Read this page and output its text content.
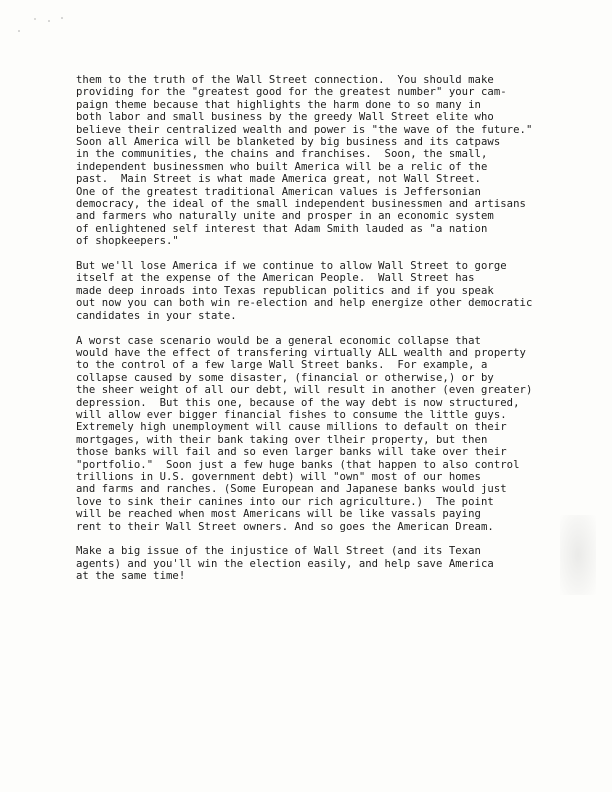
them to the truth of the Wall Street connection.  You should make
providing for the "greatest good for the greatest number" your cam-
paign theme because that highlights the harm done to so many in
both labor and small business by the greedy Wall Street elite who
believe their centralized wealth and power is "the wave of the future."
Soon all America will be blanketed by big business and its catpaws
in the communities, the chains and franchises.  Soon, the small,
independent businessmen who built America will be a relic of the
past.  Main Street is what made America great, not Wall Street.
One of the greatest traditional American values is Jeffersonian
democracy, the ideal of the small independent businessmen and artisans
and farmers who naturally unite and prosper in an economic system
of enlightened self interest that Adam Smith lauded as "a nation
of shopkeepers."
But we'll lose America if we continue to allow Wall Street to gorge
itself at the expense of the American People.  Wall Street has
made deep inroads into Texas republican politics and if you speak
out now you can both win re-election and help energize other democratic
candidates in your state.
A worst case scenario would be a general economic collapse that
would have the effect of transfering virtually ALL wealth and property
to the control of a few large Wall Street banks.  For example, a
collapse caused by some disaster, (financial or otherwise,) or by
the sheer weight of all our debt, will result in another (even greater)
depression.  But this one, because of the way debt is now structured,
will allow ever bigger financial fishes to consume the little guys.
Extremely high unemployment will cause millions to default on their
mortgages, with their bank taking over tlheir property, but then
those banks will fail and so even larger banks will take over their
"portfolio."  Soon just a few huge banks (that happen to also control
trillions in U.S. government debt) will "own" most of our homes
and farms and ranches. (Some European and Japanese banks would just
love to sink their canines into our rich agriculture.)  The point
will be reached when most Americans will be like vassals paying
rent to their Wall Street owners. And so goes the American Dream.
Make a big issue of the injustice of Wall Street (and its Texan
agents) and you'll win the election easily, and help save America
at the same time!
